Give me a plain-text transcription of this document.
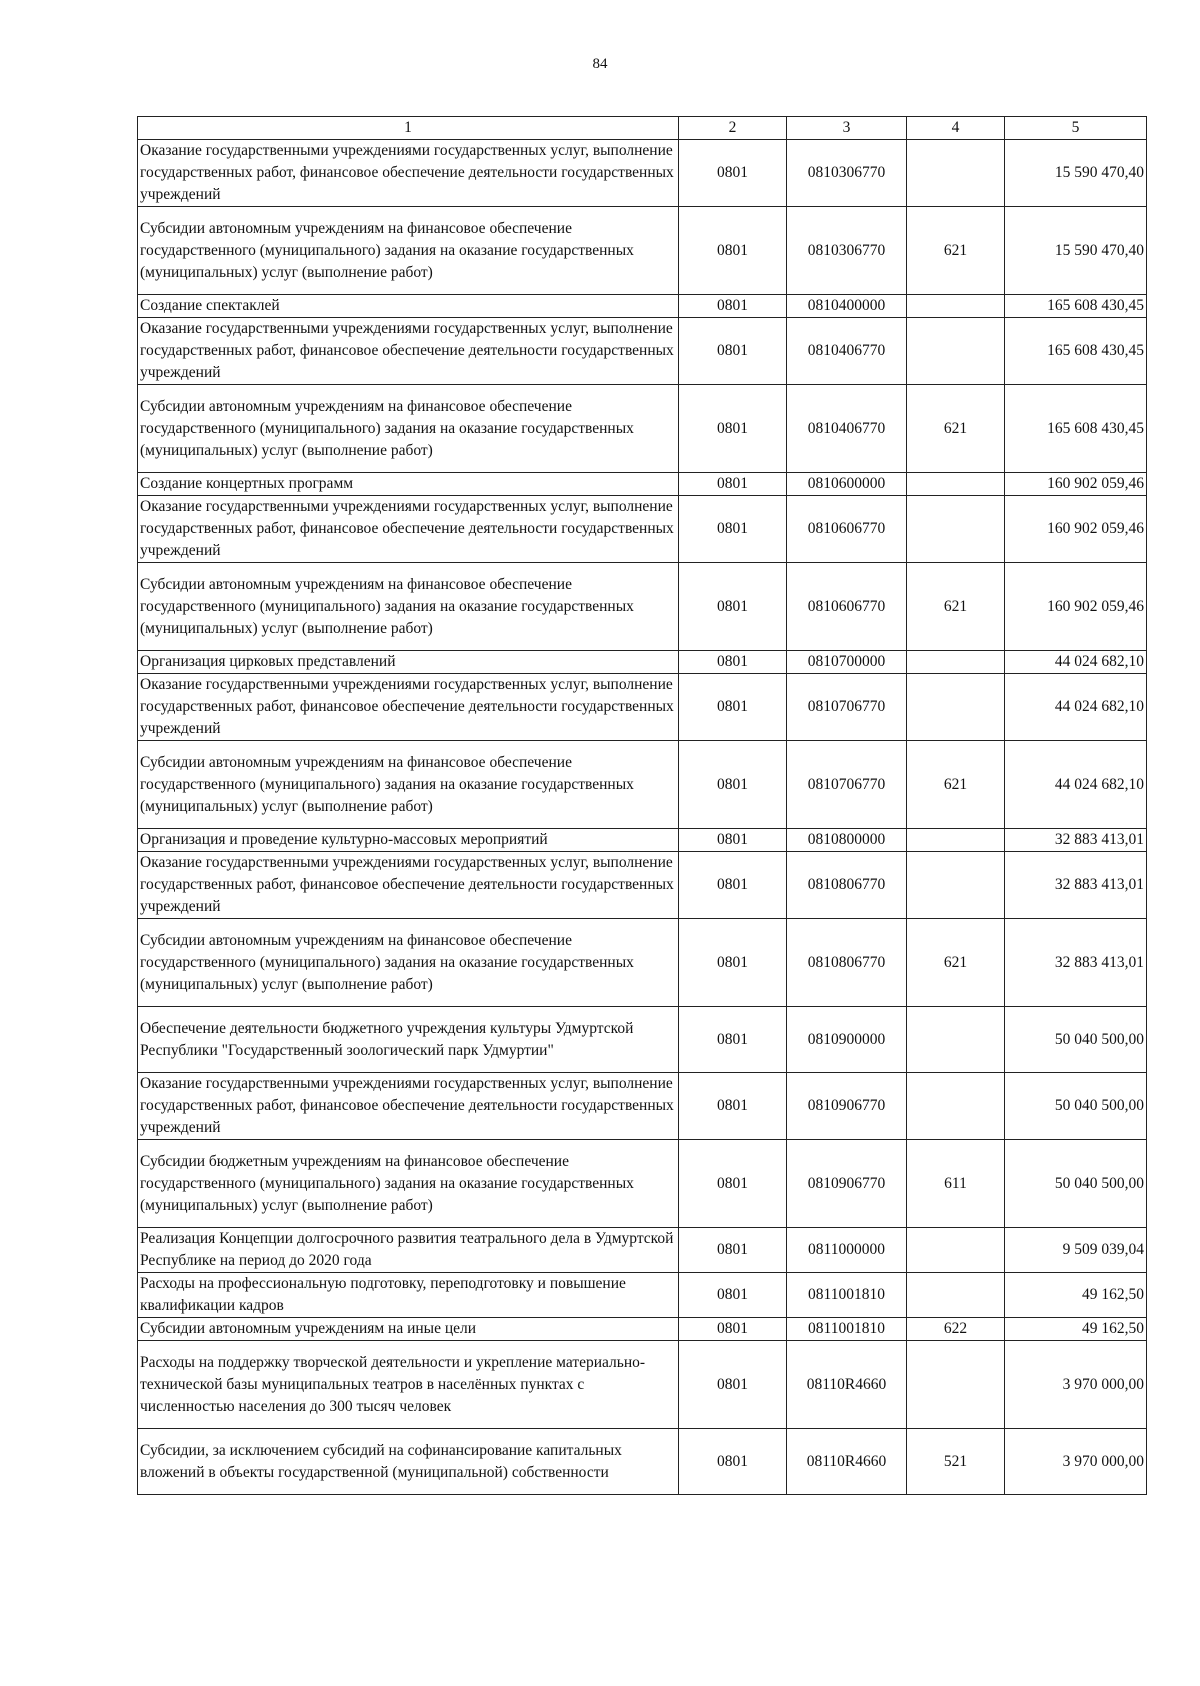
84
1	2	3	4	5
Оказание государственными учреждениями государственных услуг, выполнение государственных работ, финансовое обеспечение деятельности государственных учреждений	0801	0810306770		15 590 470,40
Субсидии автономным учреждениям на финансовое обеспечение государственного (муниципального) задания на оказание государственных (муниципальных) услуг (выполнение работ)	0801	0810306770	621	15 590 470,40
Создание спектаклей	0801	0810400000		165 608 430,45
Оказание государственными учреждениями государственных услуг, выполнение государственных работ, финансовое обеспечение деятельности государственных учреждений	0801	0810406770		165 608 430,45
Субсидии автономным учреждениям на финансовое обеспечение государственного (муниципального) задания на оказание государственных (муниципальных) услуг (выполнение работ)	0801	0810406770	621	165 608 430,45
Создание концертных программ	0801	0810600000		160 902 059,46
Оказание государственными учреждениями государственных услуг, выполнение государственных работ, финансовое обеспечение деятельности государственных учреждений	0801	0810606770		160 902 059,46
Субсидии автономным учреждениям на финансовое обеспечение государственного (муниципального) задания на оказание государственных (муниципальных) услуг (выполнение работ)	0801	0810606770	621	160 902 059,46
Организация цирковых представлений	0801	0810700000		44 024 682,10
Оказание государственными учреждениями государственных услуг, выполнение государственных работ, финансовое обеспечение деятельности государственных учреждений	0801	0810706770		44 024 682,10
Субсидии автономным учреждениям на финансовое обеспечение государственного (муниципального) задания на оказание государственных (муниципальных) услуг (выполнение работ)	0801	0810706770	621	44 024 682,10
Организация и проведение культурно-массовых мероприятий	0801	0810800000		32 883 413,01
Оказание государственными учреждениями государственных услуг, выполнение государственных работ, финансовое обеспечение деятельности государственных учреждений	0801	0810806770		32 883 413,01
Субсидии автономным учреждениям на финансовое обеспечение государственного (муниципального) задания на оказание государственных (муниципальных) услуг (выполнение работ)	0801	0810806770	621	32 883 413,01
Обеспечение деятельности бюджетного учреждения культуры Удмуртской Республики "Государственный зоологический парк Удмуртии"	0801	0810900000		50 040 500,00
Оказание государственными учреждениями государственных услуг, выполнение государственных работ, финансовое обеспечение деятельности государственных учреждений	0801	0810906770		50 040 500,00
Субсидии бюджетным учреждениям на финансовое обеспечение государственного (муниципального) задания на оказание государственных (муниципальных) услуг (выполнение работ)	0801	0810906770	611	50 040 500,00
Реализация Концепции долгосрочного развития театрального дела в Удмуртской Республике на период до 2020 года	0801	0811000000		9 509 039,04
Расходы на профессиональную подготовку, переподготовку и повышение квалификации кадров	0801	0811001810		49 162,50
Субсидии автономным учреждениям на иные цели	0801	0811001810	622	49 162,50
Расходы на поддержку творческой деятельности и укрепление материально-технической базы муниципальных театров в населённых пунктах с численностью населения до 300 тысяч человек	0801	08110R4660		3 970 000,00
Субсидии, за исключением субсидий на софинансирование капитальных вложений в объекты государственной (муниципальной) собственности	0801	08110R4660	521	3 970 000,00
